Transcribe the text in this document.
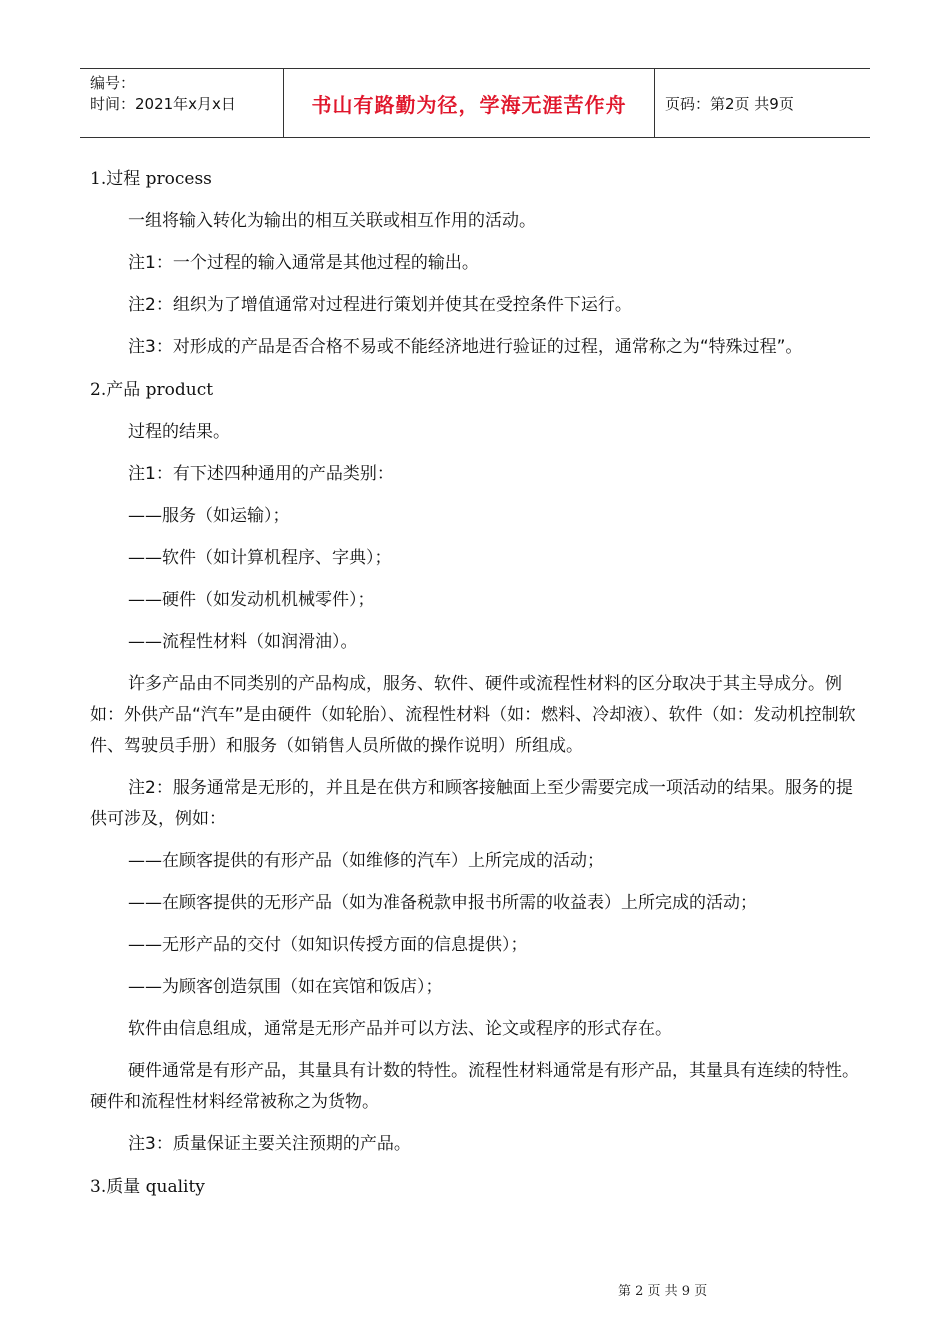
编号：
时间：2021年x月x日	书山有路勤为径，学海无涯苦作舟	页码：第2页 共9页

1.过程 process

一组将输入转化为输出的相互关联或相互作用的活动。

注1：一个过程的输入通常是其他过程的输出。

注2：组织为了增值通常对过程进行策划并使其在受控条件下运行。

注3：对形成的产品是否合格不易或不能经济地进行验证的过程，通常称之为“特殊过程”。

2.产品 product

过程的结果。

注1：有下述四种通用的产品类别：

——服务（如运输）；

——软件（如计算机程序、字典）；

——硬件（如发动机机械零件）；

——流程性材料（如润滑油）。

许多产品由不同类别的产品构成，服务、软件、硬件或流程性材料的区分取决于其主导成分。例如：外供产品“汽车”是由硬件（如轮胎）、流程性材料（如：燃料、冷却液）、软件（如：发动机控制软件、驾驶员手册）和服务（如销售人员所做的操作说明）所组成。

注2：服务通常是无形的，并且是在供方和顾客接触面上至少需要完成一项活动的结果。服务的提供可涉及，例如：

——在顾客提供的有形产品（如维修的汽车）上所完成的活动；

——在顾客提供的无形产品（如为准备税款申报书所需的收益表）上所完成的活动；

——无形产品的交付（如知识传授方面的信息提供）；

——为顾客创造氛围（如在宾馆和饭店）；

软件由信息组成，通常是无形产品并可以方法、论文或程序的形式存在。

硬件通常是有形产品，其量具有计数的特性。流程性材料通常是有形产品，其量具有连续的特性。硬件和流程性材料经常被称之为货物。

注3：质量保证主要关注预期的产品。

3.质量 quality

第 2 页 共 9 页
